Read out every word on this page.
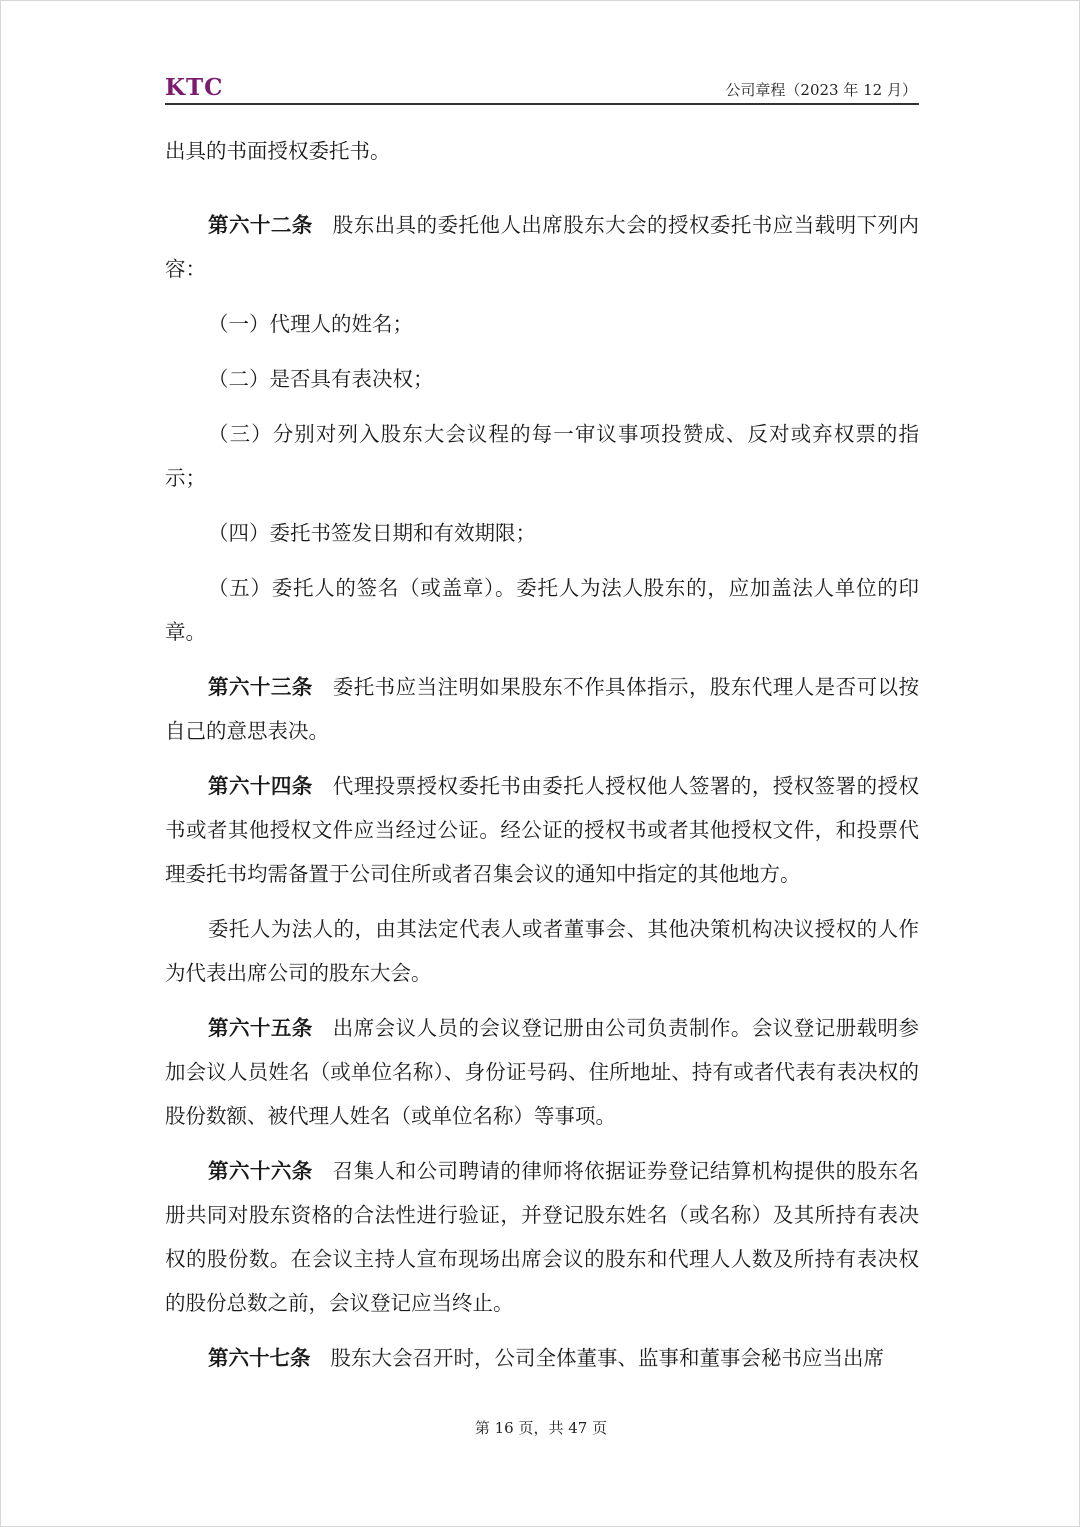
KTC	公司章程（2023 年 12 月）

出具的书面授权委托书。

第六十二条 股东出具的委托他人出席股东大会的授权委托书应当载明下列内容：

（一）代理人的姓名；

（二）是否具有表决权；

（三）分别对列入股东大会议程的每一审议事项投赞成、反对或弃权票的指示；

（四）委托书签发日期和有效期限；

（五）委托人的签名（或盖章）。委托人为法人股东的，应加盖法人单位的印章。

第六十三条 委托书应当注明如果股东不作具体指示，股东代理人是否可以按自己的意思表决。

第六十四条 代理投票授权委托书由委托人授权他人签署的，授权签署的授权书或者其他授权文件应当经过公证。经公证的授权书或者其他授权文件，和投票代理委托书均需备置于公司住所或者召集会议的通知中指定的其他地方。

委托人为法人的，由其法定代表人或者董事会、其他决策机构决议授权的人作为代表出席公司的股东大会。

第六十五条 出席会议人员的会议登记册由公司负责制作。会议登记册载明参加会议人员姓名（或单位名称）、身份证号码、住所地址、持有或者代表有表决权的股份数额、被代理人姓名（或单位名称）等事项。

第六十六条 召集人和公司聘请的律师将依据证券登记结算机构提供的股东名册共同对股东资格的合法性进行验证，并登记股东姓名（或名称）及其所持有表决权的股份数。在会议主持人宣布现场出席会议的股东和代理人人数及所持有表决权的股份总数之前，会议登记应当终止。

第六十七条 股东大会召开时，公司全体董事、监事和董事会秘书应当出席

第 16 页，共 47 页
